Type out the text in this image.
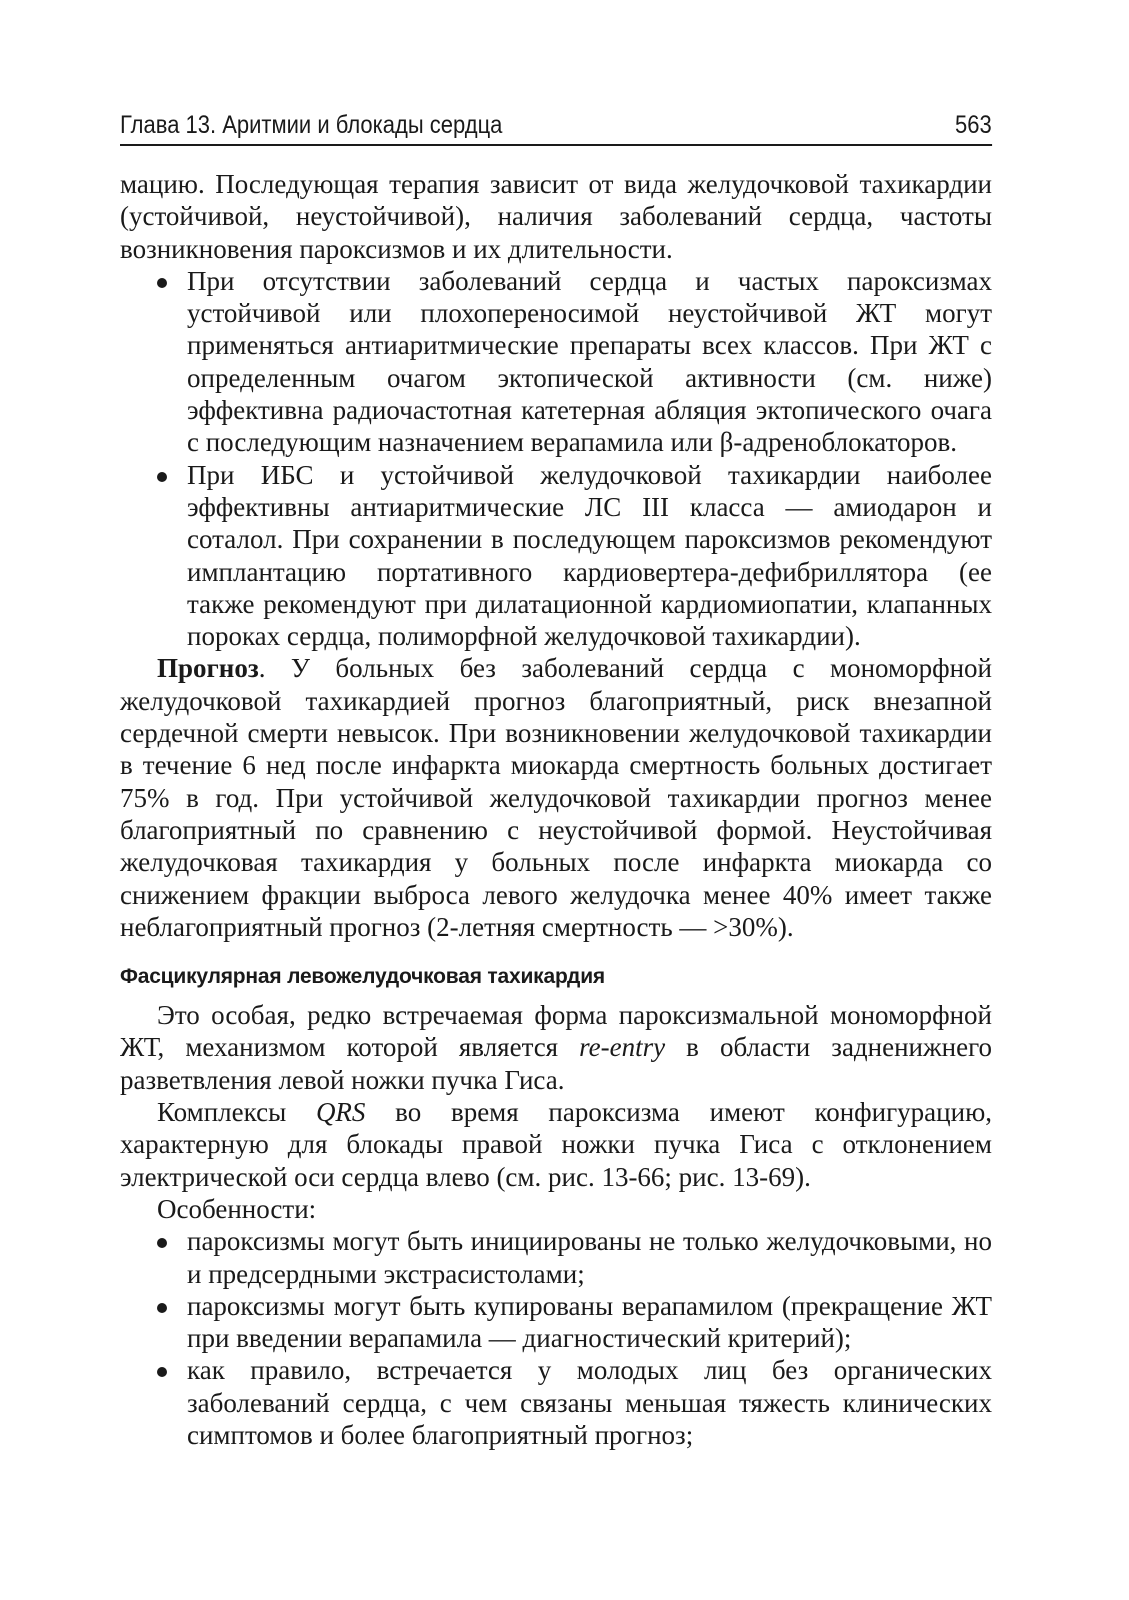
Глава 13. Аритмии и блокады сердца	563

мацию. Последующая терапия зависит от вида желудочковой тахикардии (устойчивой, неустойчивой), наличия заболеваний сердца, частоты возникновения пароксизмов и их длительности.

При отсутствии заболеваний сердца и частых пароксизмах устойчивой или плохопереносимой неустойчивой ЖТ могут применяться антиаритмические препараты всех классов. При ЖТ с определенным очагом эктопической активности (см. ниже) эффективна радиочастотная катетерная абляция эктопического очага с последующим назначением верапамила или β-адреноблокаторов.
При ИБС и устойчивой желудочковой тахикардии наиболее эффективны антиаритмические ЛС III класса — амиодарон и соталол. При сохранении в последующем пароксизмов рекомендуют имплантацию портативного кардиовертера-дефибриллятора (ее также рекомендуют при дилатационной кардиомиопатии, клапанных пороках сердца, полиморфной желудочковой тахикардии).

Прогноз. У больных без заболеваний сердца с мономорфной желудочковой тахикардией прогноз благоприятный, риск внезапной сердечной смерти невысок. При возникновении желудочковой тахикардии в течение 6 нед после инфаркта миокарда смертность больных достигает 75% в год. При устойчивой желудочковой тахикардии прогноз менее благоприятный по сравнению с неустойчивой формой. Неустойчивая желудочковая тахикардия у больных после инфаркта миокарда со снижением фракции выброса левого желудочка менее 40% имеет также неблагоприятный прогноз (2-летняя смертность — >30%).

Фасцикулярная левожелудочковая тахикардия

Это особая, редко встречаемая форма пароксизмальной мономорфной ЖТ, механизмом которой является re-entry в области задненижнего разветвления левой ножки пучка Гиса.

Комплексы QRS во время пароксизма имеют конфигурацию, характерную для блокады правой ножки пучка Гиса с отклонением электрической оси сердца влево (см. рис. 13-66; рис. 13-69).

Особенности:

пароксизмы могут быть инициированы не только желудочковыми, но и предсердными экстрасистолами;
пароксизмы могут быть купированы верапамилом (прекращение ЖТ при введении верапамила — диагностический критерий);
как правило, встречается у молодых лиц без органических заболеваний сердца, с чем связаны меньшая тяжесть клинических симптомов и более благоприятный прогноз;
